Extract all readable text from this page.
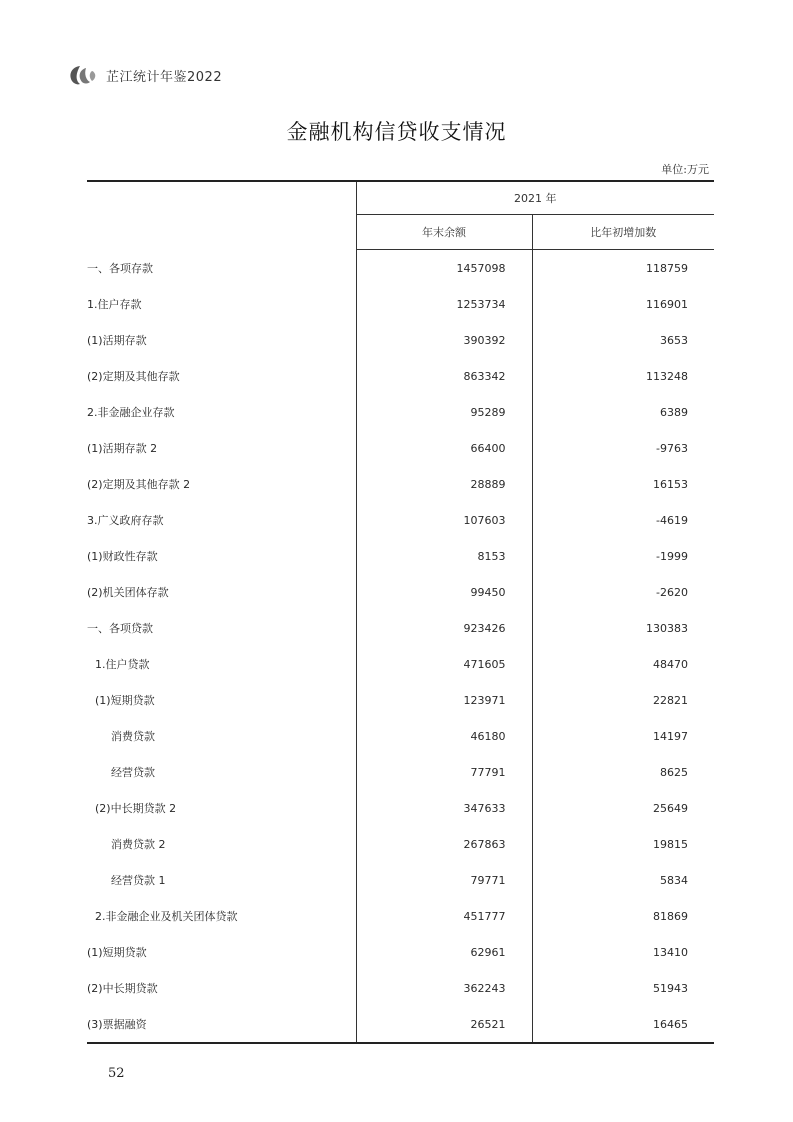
芷江统计年鉴2022
金融机构信贷收支情况
单位:万元
	2021 年	
	年末余额	比年初增加数
一、各项存款	1457098	118759
1.住户存款	1253734	116901
(1)活期存款	390392	3653
(2)定期及其他存款	863342	113248
2.非金融企业存款	95289	6389
(1)活期存款 2	66400	-9763
(2)定期及其他存款 2	28889	16153
3.广义政府存款	107603	-4619
(1)财政性存款	8153	-1999
(2)机关团体存款	99450	-2620
一、各项贷款	923426	130383
1.住户贷款	471605	48470
(1)短期贷款	123971	22821
消费贷款	46180	14197
经营贷款	77791	8625
(2)中长期贷款 2	347633	25649
消费贷款 2	267863	19815
经营贷款 1	79771	5834
2.非金融企业及机关团体贷款	451777	81869
(1)短期贷款	62961	13410
(2)中长期贷款	362243	51943
(3)票据融资	26521	16465
52
